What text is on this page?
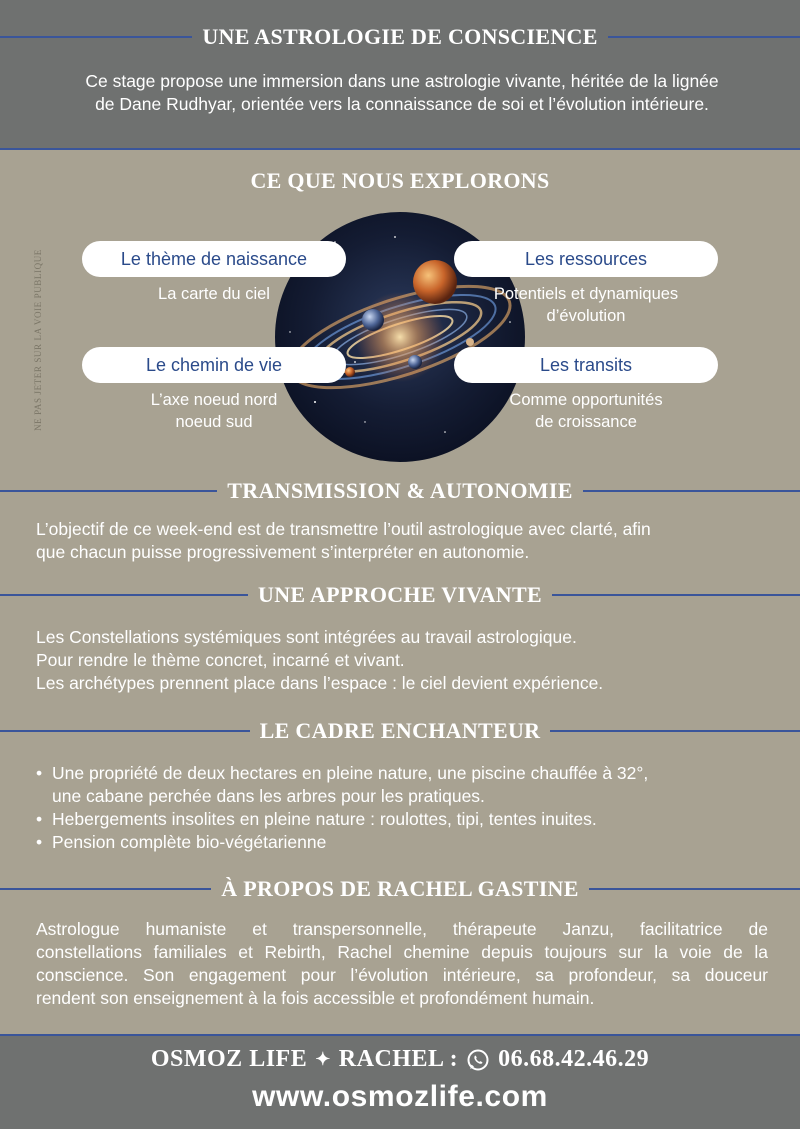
UNE ASTROLOGIE DE CONSCIENCE

Ce stage propose une immersion dans une astrologie vivante, héritée de la lignée

de Dane Rudhyar, orientée vers la connaissance de soi et l’évolution intérieure.

CE QUE NOUS EXPLORONS
NE PAS JETER SUR LA VOIE PUBLIQUE	Le thème de naissance
La carte du ciel
Les ressources
Potentiels et dynamiques
d’évolution
Le chemin de vie
L’axe noeud nord
noeud sud
Les transits
Comme opportunités
de croissance
TRANSMISSION & AUTONOMIE

L’objectif de ce week-end est de transmettre l’outil astrologique avec clarté, afin

que chacun puisse progressivement s’interpréter en autonomie.

UNE APPROCHE VIVANTE

Les Constellations systémiques sont intégrées au travail astrologique.

Pour rendre le thème concret, incarné et vivant.

Les archétypes prennent place dans l’espace : le ciel devient expérience.

LE CADRE ENCHANTEUR
• Une propriété de deux hectares en pleine nature, une piscine chauffée à 32°,
une cabane perchée dans les arbres pour les pratiques.
• Hebergements insolites en pleine nature : roulottes, tipi, tentes inuites.
• Pension complète bio-végétarienne
À PROPOS DE RACHEL GASTINE

Astrologue humaniste et transpersonnelle, thérapeute Janzu, facilitatrice de

constellations familiales et Rebirth, Rachel chemine depuis toujours sur la voie de la

conscience. Son engagement pour l’évolution intérieure, sa profondeur, sa douceur

rendent son enseignement à la fois accessible et profondément humain.

OSMOZ LIFE ✦ RACHEL : 06.68.42.46.29
www.osmozlife.com
